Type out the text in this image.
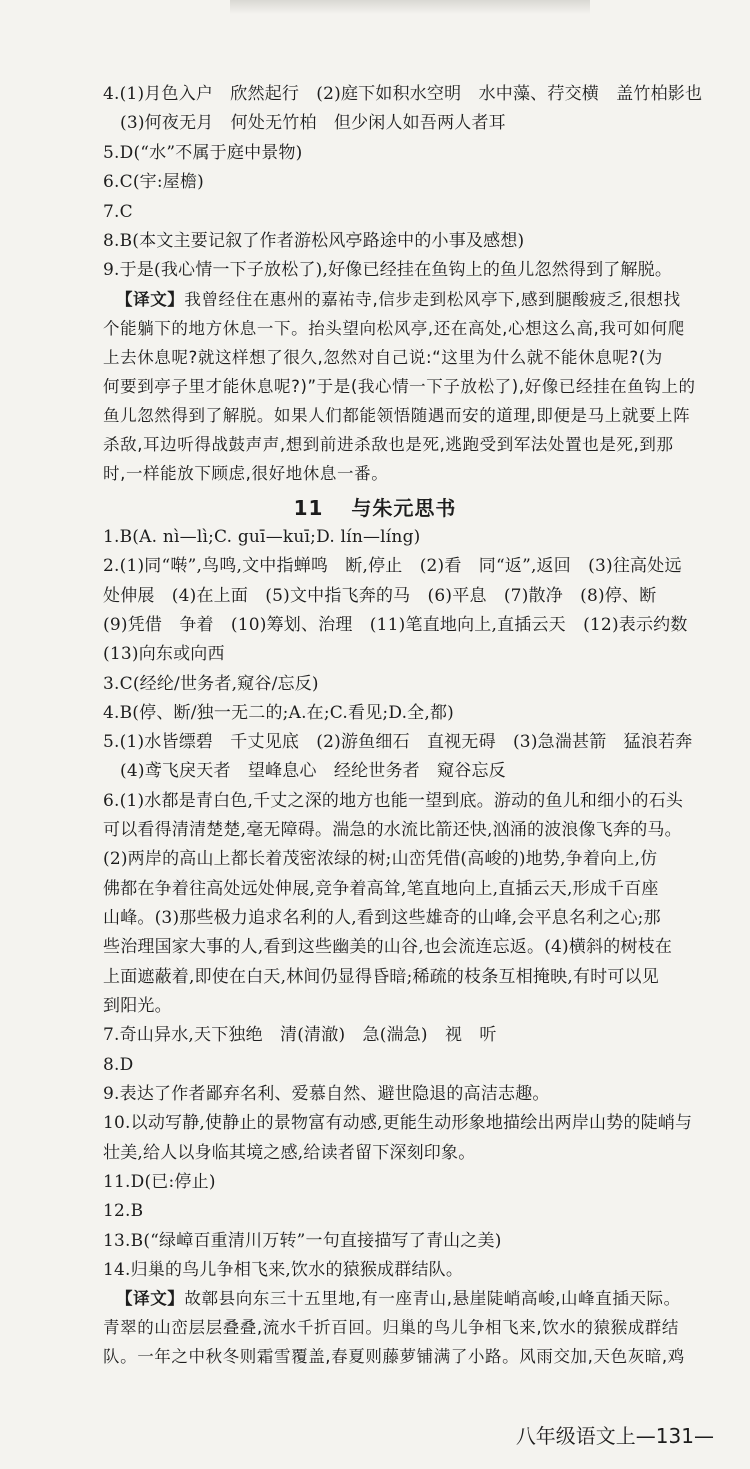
4.(1)月色入户　欣然起行　(2)庭下如积水空明　水中藻、荇交横　盖竹柏影也
(3)何夜无月　何处无竹柏　但少闲人如吾两人者耳
5.D(“水”不属于庭中景物)
6.C(宇:屋檐)
7.C
8.B(本文主要记叙了作者游松风亭路途中的小事及感想)
9.于是(我心情一下子放松了),好像已经挂在鱼钩上的鱼儿忽然得到了解脱。
【译文】我曾经住在惠州的嘉祐寺,信步走到松风亭下,感到腿酸疲乏,很想找
个能躺下的地方休息一下。抬头望向松风亭,还在高处,心想这么高,我可如何爬
上去休息呢?就这样想了很久,忽然对自己说:“这里为什么就不能休息呢?(为
何要到亭子里才能休息呢?)”于是(我心情一下子放松了),好像已经挂在鱼钩上的
鱼儿忽然得到了解脱。如果人们都能领悟随遇而安的道理,即便是马上就要上阵
杀敌,耳边听得战鼓声声,想到前进杀敌也是死,逃跑受到军法处置也是死,到那
时,一样能放下顾虑,很好地休息一番。
11 与朱元思书
1.B(A. nì—lì;C. guī—kuī;D. lín—líng)
2.(1)同“啭”,鸟鸣,文中指蝉鸣　断,停止　(2)看　同“返”,返回　(3)往高处远
处伸展　(4)在上面　(5)文中指飞奔的马　(6)平息　(7)散净　(8)停、断
(9)凭借　争着　(10)筹划、治理　(11)笔直地向上,直插云天　(12)表示约数
(13)向东或向西
3.C(经纶/世务者,窥谷/忘反)
4.B(停、断/独一无二的;A.在;C.看见;D.全,都)
5.(1)水皆缥碧　千丈见底　(2)游鱼细石　直视无碍　(3)急湍甚箭　猛浪若奔
(4)鸢飞戾天者　望峰息心　经纶世务者　窥谷忘反
6.(1)水都是青白色,千丈之深的地方也能一望到底。游动的鱼儿和细小的石头
可以看得清清楚楚,毫无障碍。湍急的水流比箭还快,汹涌的波浪像飞奔的马。
(2)两岸的高山上都长着茂密浓绿的树;山峦凭借(高峻的)地势,争着向上,仿
佛都在争着往高处远处伸展,竞争着高耸,笔直地向上,直插云天,形成千百座
山峰。(3)那些极力追求名利的人,看到这些雄奇的山峰,会平息名利之心;那
些治理国家大事的人,看到这些幽美的山谷,也会流连忘返。(4)横斜的树枝在
上面遮蔽着,即使在白天,林间仍显得昏暗;稀疏的枝条互相掩映,有时可以见
到阳光。
7.奇山异水,天下独绝　清(清澈)　急(湍急)　视　听
8.D
9.表达了作者鄙弃名利、爱慕自然、避世隐退的高洁志趣。
10.以动写静,使静止的景物富有动感,更能生动形象地描绘出两岸山势的陡峭与
壮美,给人以身临其境之感,给读者留下深刻印象。
11.D(已:停止)
12.B
13.B(“绿嶂百重清川万转”一句直接描写了青山之美)
14.归巢的鸟儿争相飞来,饮水的猿猴成群结队。
【译文】故鄣县向东三十五里地,有一座青山,悬崖陡峭高峻,山峰直插天际。
青翠的山峦层层叠叠,流水千折百回。归巢的鸟儿争相飞来,饮水的猿猴成群结
队。一年之中秋冬则霜雪覆盖,春夏则藤萝铺满了小路。风雨交加,天色灰暗,鸡
八年级语文上—131—
